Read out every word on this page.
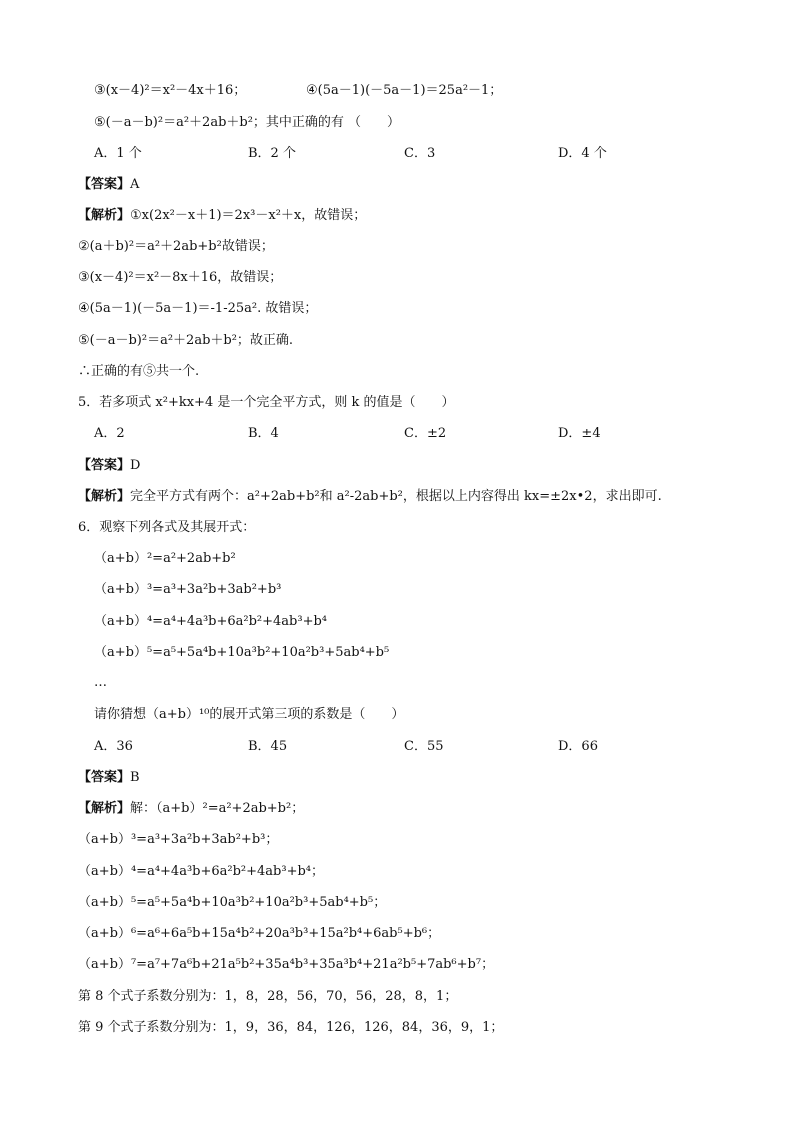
③(x－4)²＝x²－4x＋16；	④(5a－1)(－5a－1)＝25a²－1；
⑤(－a－b)²＝a²＋2ab＋b²；其中正确的有 （　　）
A．1 个	B．2 个	C．3	D．4 个
【答案】A
【解析】①x(2x²－x＋1)＝2x³－x²＋x，故错误；
②(a＋b)²＝a²＋2ab+b²故错误；
③(x－4)²＝x²－8x＋16，故错误；
④(5a－1)(－5a－1)＝-1-25a². 故错误；
⑤(－a－b)²＝a²＋2ab＋b²；故正确.
∴正确的有⑤共一个.
5．若多项式 x²+kx+4 是一个完全平方式，则 k 的值是（　　）
A．2	B．4	C．±2	D．±4
【答案】D
【解析】完全平方式有两个：a²+2ab+b²和 a²-2ab+b²，根据以上内容得出 kx=±2x•2，求出即可.
6．观察下列各式及其展开式：
（a+b）²=a²+2ab+b²
（a+b）³=a³+3a²b+3ab²+b³
（a+b）⁴=a⁴+4a³b+6a²b²+4ab³+b⁴
（a+b）⁵=a⁵+5a⁴b+10a³b²+10a²b³+5ab⁴+b⁵
…
请你猜想（a+b）¹⁰的展开式第三项的系数是（　　）
A．36	B．45	C．55	D．66
【答案】B
【解析】解：（a+b）²=a²+2ab+b²；
（a+b）³=a³+3a²b+3ab²+b³；
（a+b）⁴=a⁴+4a³b+6a²b²+4ab³+b⁴；
（a+b）⁵=a⁵+5a⁴b+10a³b²+10a²b³+5ab⁴+b⁵；
（a+b）⁶=a⁶+6a⁵b+15a⁴b²+20a³b³+15a²b⁴+6ab⁵+b⁶；
（a+b）⁷=a⁷+7a⁶b+21a⁵b²+35a⁴b³+35a³b⁴+21a²b⁵+7ab⁶+b⁷；
第 8 个式子系数分别为：1，8，28，56，70，56，28，8，1；
第 9 个式子系数分别为：1，9，36，84，126，126，84，36，9，1；
